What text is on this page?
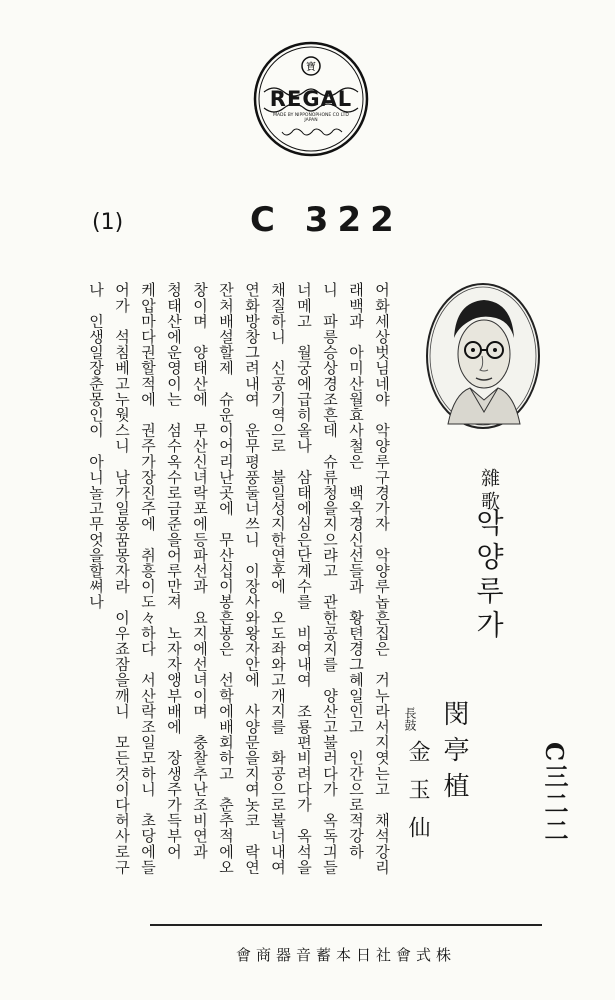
寶
REGAL
MADE BY NIPPONOPHONE CO LTD
JAPAN
(1)	C 322
雜歌
악양루가
閔亭植
長鼓
金玉仙	C三二二
어화세상벗님네야　악양루구경가자　악양루놉흔집은　거누라서지엿는고　채석강리
래백과　아미산월효사철은　백옥경신선들과　황텬경그혜일인고　인간으로적강하
니　파릉승상경조흔데　슈류청을지으랴고　관한공지를　양산고불러다가　옥독긔들
너메고　월궁에급히올나　삼태에심은단계수를　비여내여　조룡편비려다가　옥석을
채질하니　신공기역으로　불일성지한연후에　오도좌와고개지를　화공으로불너내여
연화방창그려내여　운무평풍둘너쓰니　이장사와왕자안에　사양문을지여놋코　락연
잔처배설할제　슈운이어리난곳에　무산십이봉흔봉은　선학에배회하고　춘추적에오
창이며　양태산에　무산신녀락포에등파선과　요지에선녀이며　충찰추난조비연과
청태산에운영이는　섬수옥수로금준을어루만져　노자자앵부배에　장생주가득부어
케압마다권할적에　권주가장진주에　취흥이도々하다　서산락조일모하니　초당에들
어가　석침베고누웟스니　남가일몽꿈몽자라　이우죠잠을깨니　모든것이다허사로구
나　인생일장춘몽인이　아니놀고무엇을할쎠나
會商器音蓄本日社會式株
